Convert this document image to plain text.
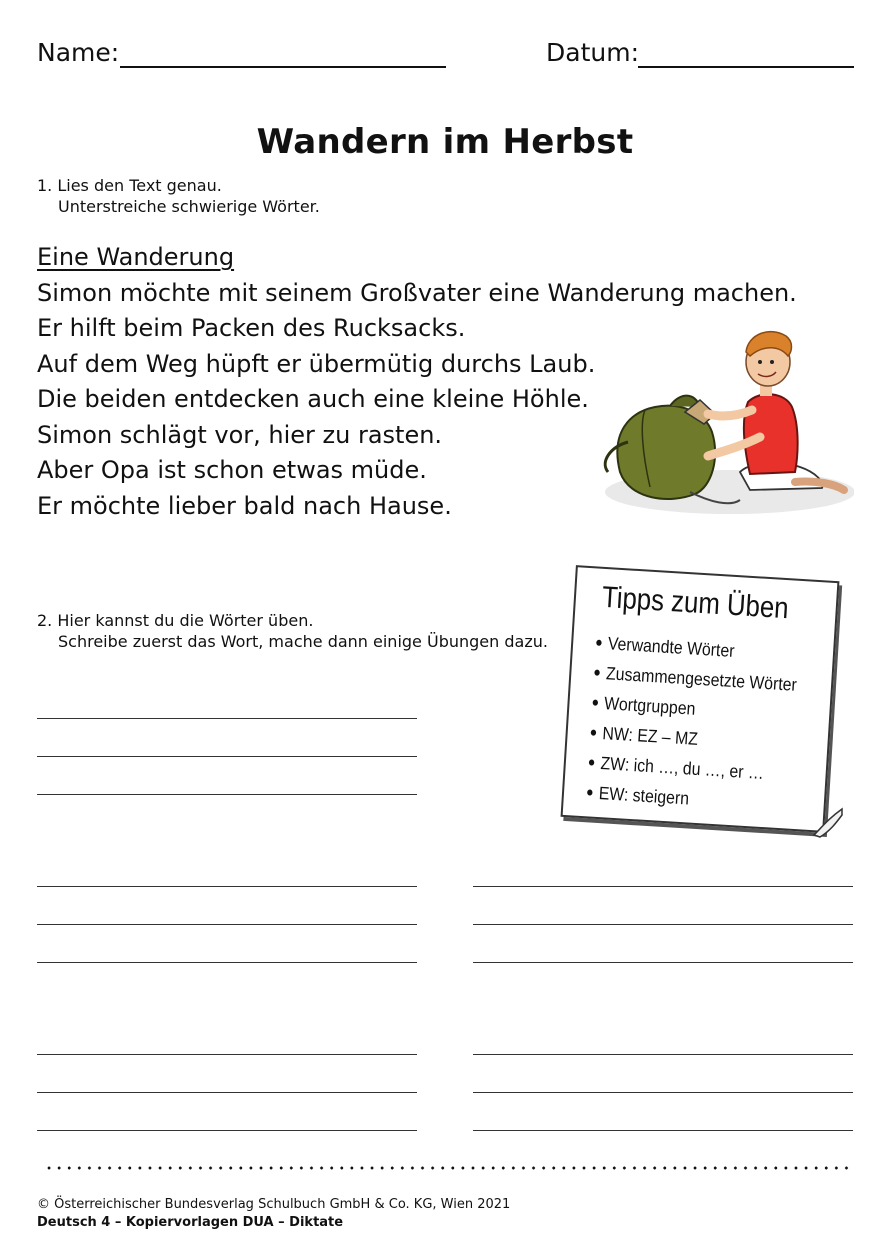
Name:	Datum:
Wandern im Herbst
1. Lies den Text genau.
Unterstreiche schwierige Wörter.
Eine Wanderung
Simon möchte mit seinem Großvater eine Wanderung machen.
Er hilft beim Packen des Rucksacks.
Auf dem Weg hüpft er übermütig durchs Laub.
Die beiden entdecken auch eine kleine Höhle.
Simon schlägt vor, hier zu rasten.
Aber Opa ist schon etwas müde.
Er möchte lieber bald nach Hause.
2. Hier kannst du die Wörter üben.
Schreibe zuerst das Wort, mache dann einige Übungen dazu.
Tipps zum Üben
● Verwandte Wörter
● Zusammengesetzte Wörter
● Wortgruppen
● NW: EZ – MZ
● ZW: ich …, du …, er …
● EW: steigern
© Österreichischer Bundesverlag Schulbuch GmbH & Co. KG, Wien 2021
Deutsch 4 – Kopiervorlagen DUA – Diktate
